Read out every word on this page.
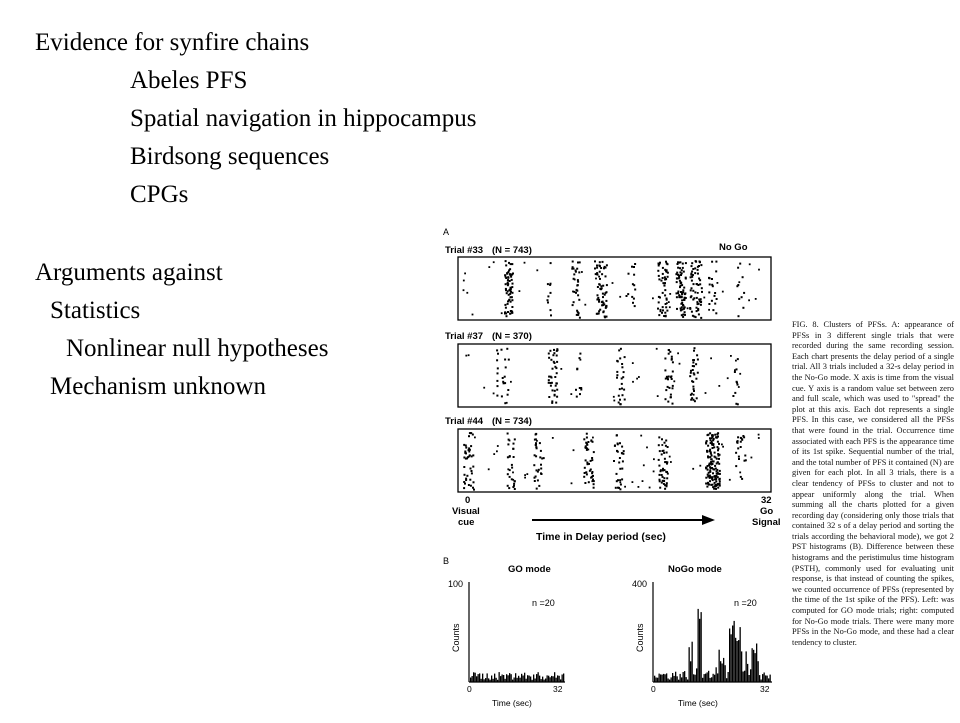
Evidence for synfire chains
Abeles PFS
Spatial navigation in hippocampus
Birdsong sequences
CPGs
Arguments against
Statistics
Nonlinear null hypotheses
Mechanism unknown
A
Trial #33 (N = 743)	No Go
Trial #37 (N = 370)
Trial #44 (N = 734)
0	32
Visual
cue
Go
Signal
Time in Delay period (sec)
B
GO mode
100
n =20
Counts
0	32
Time (sec)
NoGo mode
400
n =20
Counts
0	32
Time (sec)
FIG. 8. Clusters of PFSs. A: appearance of PFSs in 3 different single trials that were recorded during the same recording session. Each chart presents the delay period of a single trial. All 3 trials included a 32-s delay period in the No-Go mode. X axis is time from the visual cue. Y axis is a random value set between zero and full scale, which was used to "spread" the plot at this axis. Each dot represents a single PFS. In this case, we considered all the PFSs that were found in the trial. Occurrence time associated with each PFS is the appearance time of its 1st spike. Sequential number of the trial, and the total number of PFS it contained (N) are given for each plot. In all 3 trials, there is a clear tendency of PFSs to cluster and not to appear uniformly along the trial. When summing all the charts plotted for a given recording day (considering only those trials that contained 32 s of a delay period and sorting the trials according the behavioral mode), we got 2 PST histograms (B). Difference between these histograms and the peristimulus time histogram (PSTH), commonly used for evaluating unit response, is that instead of counting the spikes, we counted occurrence of PFSs (represented by the time of the 1st spike of the PFS). Left: was computed for GO mode trials; right: computed for No-Go mode trials. There were many more PFSs in the No-Go mode, and these had a clear tendency to cluster.
